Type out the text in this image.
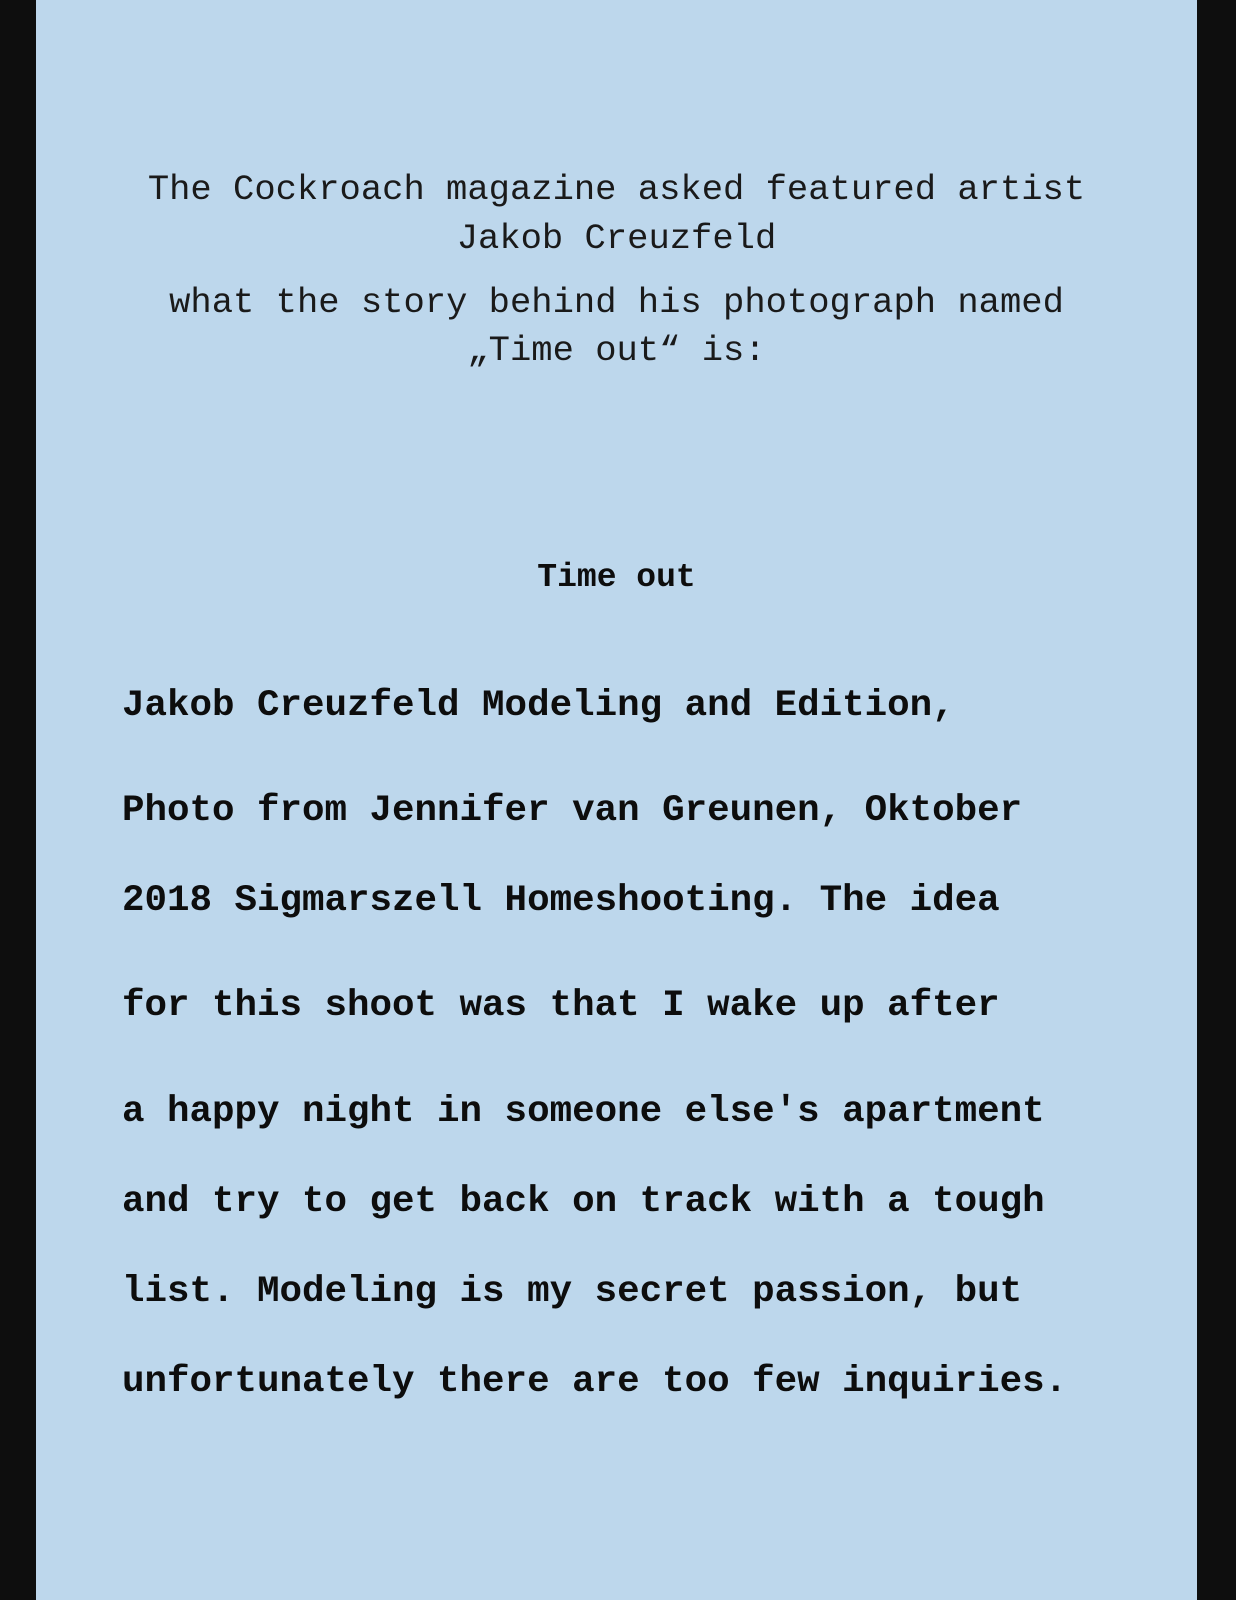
The Cockroach magazine asked featured artist

Jakob Creuzfeld

what the story behind his photograph named

„Time out“ is:

Time out

Jakob Creuzfeld Modeling and Edition,

Photo from Jennifer van Greunen, Oktober

2018 Sigmarszell Homeshooting. The idea

for this shoot was that I wake up after

a happy night in someone else's apartment

and try to get back on track with a tough

list. Modeling is my secret passion, but

unfortunately there are too few inquiries.
